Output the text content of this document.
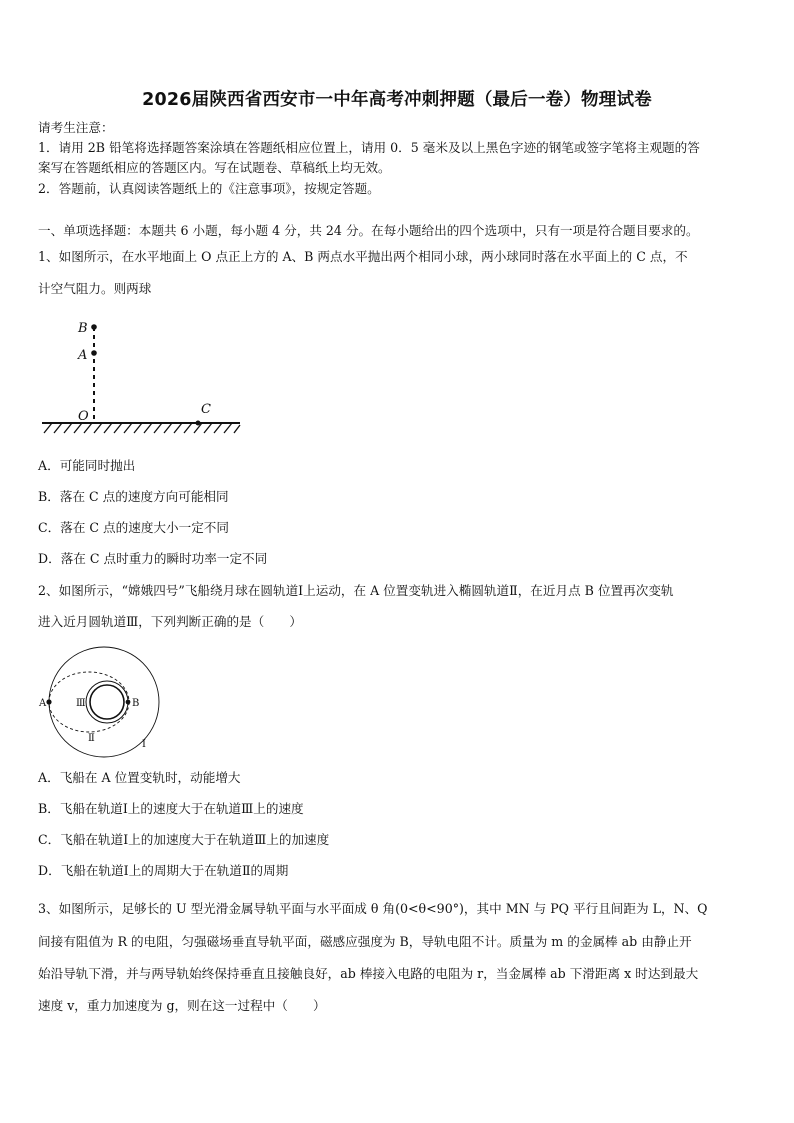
2026届陕西省西安市一中年高考冲刺押题（最后一卷）物理试卷
请考生注意：
1．请用 2B 铅笔将选择题答案涂填在答题纸相应位置上，请用 0．5 毫米及以上黑色字迹的钢笔或签字笔将主观题的答
案写在答题纸相应的答题区内。写在试题卷、草稿纸上均无效。
2．答题前，认真阅读答题纸上的《注意事项》，按规定答题。
一、单项选择题：本题共 6 小题，每小题 4 分，共 24 分。在每小题给出的四个选项中，只有一项是符合题目要求的。
1、如图所示，在水平地面上 O 点正上方的 A、B 两点水平抛出两个相同小球，两小球同时落在水平面上的 C 点，不
计空气阻力。则两球
B
A
O	C
A．可能同时抛出
B．落在 C 点的速度方向可能相同
C．落在 C 点的速度大小一定不同
D．落在 C 点时重力的瞬时功率一定不同
2、如图所示，“嫦娥四号”飞船绕月球在圆轨道Ⅰ上运动，在 A 位置变轨进入椭圆轨道Ⅱ，在近月点 B 位置再次变轨
进入近月圆轨道Ⅲ，下列判断正确的是（　　）
A	B
Ⅲ
Ⅱ
Ⅰ
A．飞船在 A 位置变轨时，动能增大
B．飞船在轨道Ⅰ上的速度大于在轨道Ⅲ上的速度
C．飞船在轨道Ⅰ上的加速度大于在轨道Ⅲ上的加速度
D．飞船在轨道Ⅰ上的周期大于在轨道Ⅱ的周期
3、如图所示，足够长的 U 型光滑金属导轨平面与水平面成 θ 角(0<θ<90°)，其中 MN 与 PQ 平行且间距为 L，N、Q
间接有阻值为 R 的电阻，匀强磁场垂直导轨平面，磁感应强度为 B，导轨电阻不计。质量为 m 的金属棒 ab 由静止开
始沿导轨下滑，并与两导轨始终保持垂直且接触良好，ab 棒接入电路的电阻为 r，当金属棒 ab 下滑距离 x 时达到最大
速度 v，重力加速度为 g，则在这一过程中（　　）
